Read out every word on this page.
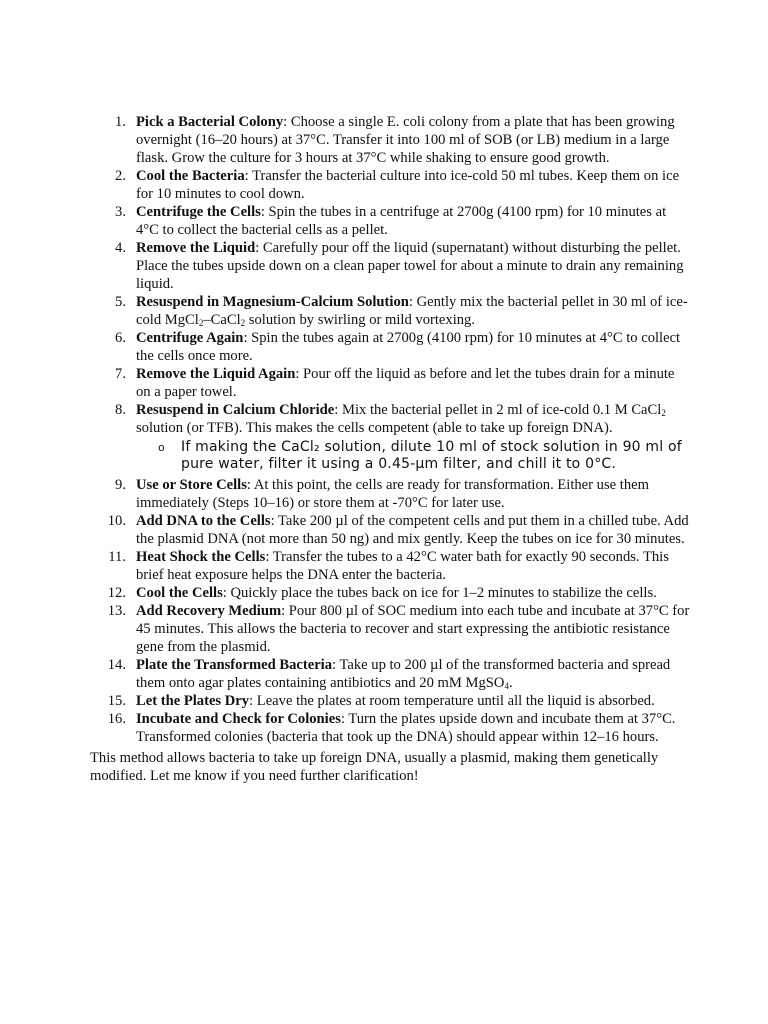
1. Pick a Bacterial Colony: Choose a single E. coli colony from a plate that has been growing overnight (16–20 hours) at 37°C. Transfer it into 100 ml of SOB (or LB) medium in a large flask. Grow the culture for 3 hours at 37°C while shaking to ensure good growth.
2. Cool the Bacteria: Transfer the bacterial culture into ice-cold 50 ml tubes. Keep them on ice for 10 minutes to cool down.
3. Centrifuge the Cells: Spin the tubes in a centrifuge at 2700g (4100 rpm) for 10 minutes at 4°C to collect the bacterial cells as a pellet.
4. Remove the Liquid: Carefully pour off the liquid (supernatant) without disturbing the pellet. Place the tubes upside down on a clean paper towel for about a minute to drain any remaining liquid.
5. Resuspend in Magnesium-Calcium Solution: Gently mix the bacterial pellet in 30 ml of ice-cold MgCl$_2$–CaCl$_2$ solution by swirling or mild vortexing.
6. Centrifuge Again: Spin the tubes again at 2700g (4100 rpm) for 10 minutes at 4°C to collect the cells once more.
7. Remove the Liquid Again: Pour off the liquid as before and let the tubes drain for a minute on a paper towel.
8. Resuspend in Calcium Chloride: Mix the bacterial pellet in 2 ml of ice-cold 0.1 M CaCl$_2$ solution (or TFB). This makes the cells competent (able to take up foreign DNA).
o If making the CaCl₂ solution, dilute 10 ml of stock solution in 90 ml of pure water, filter it using a 0.45-µm filter, and chill it to 0°C.
9. Use or Store Cells: At this point, the cells are ready for transformation. Either use them immediately (Steps 10–16) or store them at -70°C for later use.
10. Add DNA to the Cells: Take 200 µl of the competent cells and put them in a chilled tube. Add the plasmid DNA (not more than 50 ng) and mix gently. Keep the tubes on ice for 30 minutes.
11. Heat Shock the Cells: Transfer the tubes to a 42°C water bath for exactly 90 seconds. This brief heat exposure helps the DNA enter the bacteria.
12. Cool the Cells: Quickly place the tubes back on ice for 1–2 minutes to stabilize the cells.
13. Add Recovery Medium: Pour 800 µl of SOC medium into each tube and incubate at 37°C for 45 minutes. This allows the bacteria to recover and start expressing the antibiotic resistance gene from the plasmid.
14. Plate the Transformed Bacteria: Take up to 200 µl of the transformed bacteria and spread them onto agar plates containing antibiotics and 20 mM MgSO$_4$.
15. Let the Plates Dry: Leave the plates at room temperature until all the liquid is absorbed.
16. Incubate and Check for Colonies: Turn the plates upside down and incubate them at 37°C. Transformed colonies (bacteria that took up the DNA) should appear within 12–16 hours.

This method allows bacteria to take up foreign DNA, usually a plasmid, making them genetically modified. Let me know if you need further clarification!
